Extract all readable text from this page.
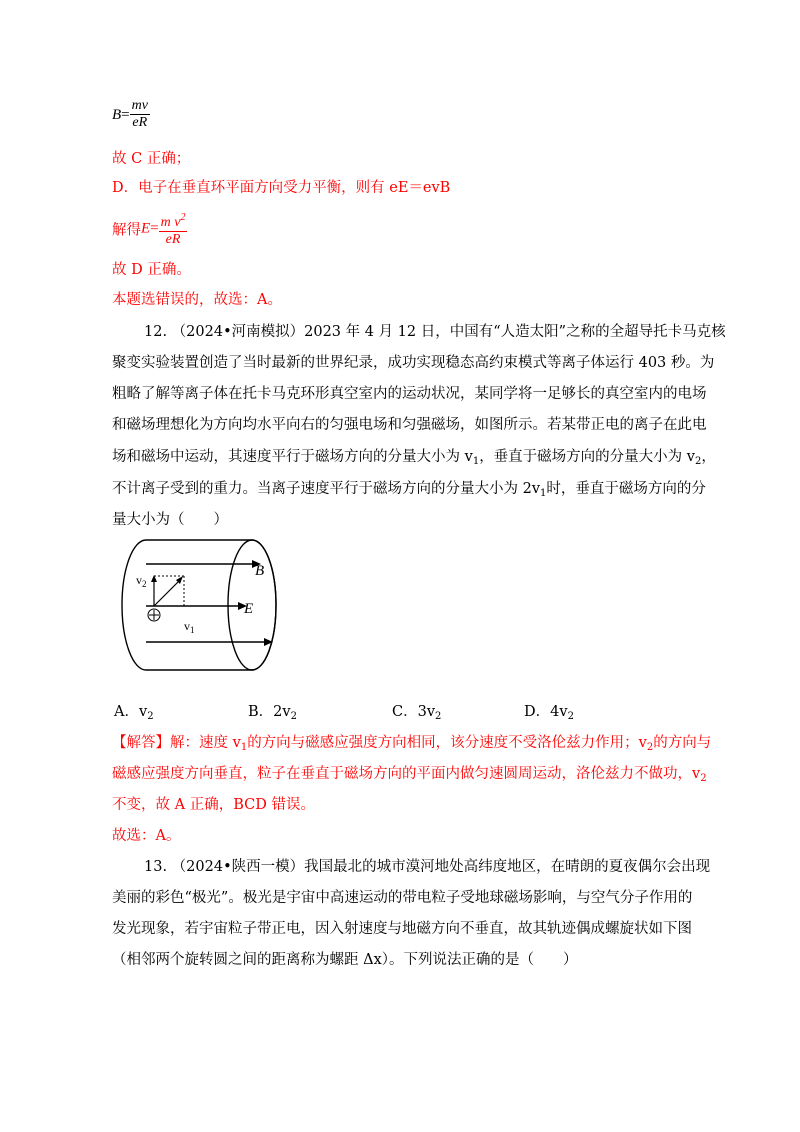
$B= \frac{mv}{eR}$
故 C 正确；
D．电子在垂直环平面方向受力平衡，则有 eE＝evB
解得$E= \frac{m v^2}{eR}$
故 D 正确。
本题选错误的，故选：A。
12. （2024•河南模拟）2023 年 4 月 12 日，中国有“人造太阳”之称的全超导托卡马克核
聚变实验装置创造了当时最新的世界纪录，成功实现稳态高约束模式等离子体运行 403 秒。为
粗略了解等离子体在托卡马克环形真空室内的运动状况，某同学将一足够长的真空室内的电场
和磁场理想化为方向均水平向右的匀强电场和匀强磁场，如图所示。若某带正电的离子在此电
场和磁场中运动，其速度平行于磁场方向的分量大小为 $v_1$，垂直于磁场方向的分量大小为 $v_2$，
不计离子受到的重力。当离子速度平行于磁场方向的分量大小为 $2v_1$时，垂直于磁场方向的分
量大小为（　　）
B
E
$v_2$
$v_1$
A．$v_2$	B．$2v_2$	C．$3v_2$	D．$4v_2$
【解答】解：速度 $v_1$的方向与磁感应强度方向相同，该分速度不受洛伦兹力作用；$v_2$的方向与
磁感应强度方向垂直，粒子在垂直于磁场方向的平面内做匀速圆周运动，洛伦兹力不做功，$v_2$
不变，故 A 正确，BCD 错误。
故选：A。
13. （2024•陕西一模）我国最北的城市漠河地处高纬度地区，在晴朗的夏夜偶尔会出现
美丽的彩色“极光”。极光是宇宙中高速运动的带电粒子受地球磁场影响，与空气分子作用的
发光现象，若宇宙粒子带正电，因入射速度与地磁方向不垂直，故其轨迹偶成螺旋状如下图
（相邻两个旋转圆之间的距离称为螺距 Δx）。下列说法正确的是（　　）
